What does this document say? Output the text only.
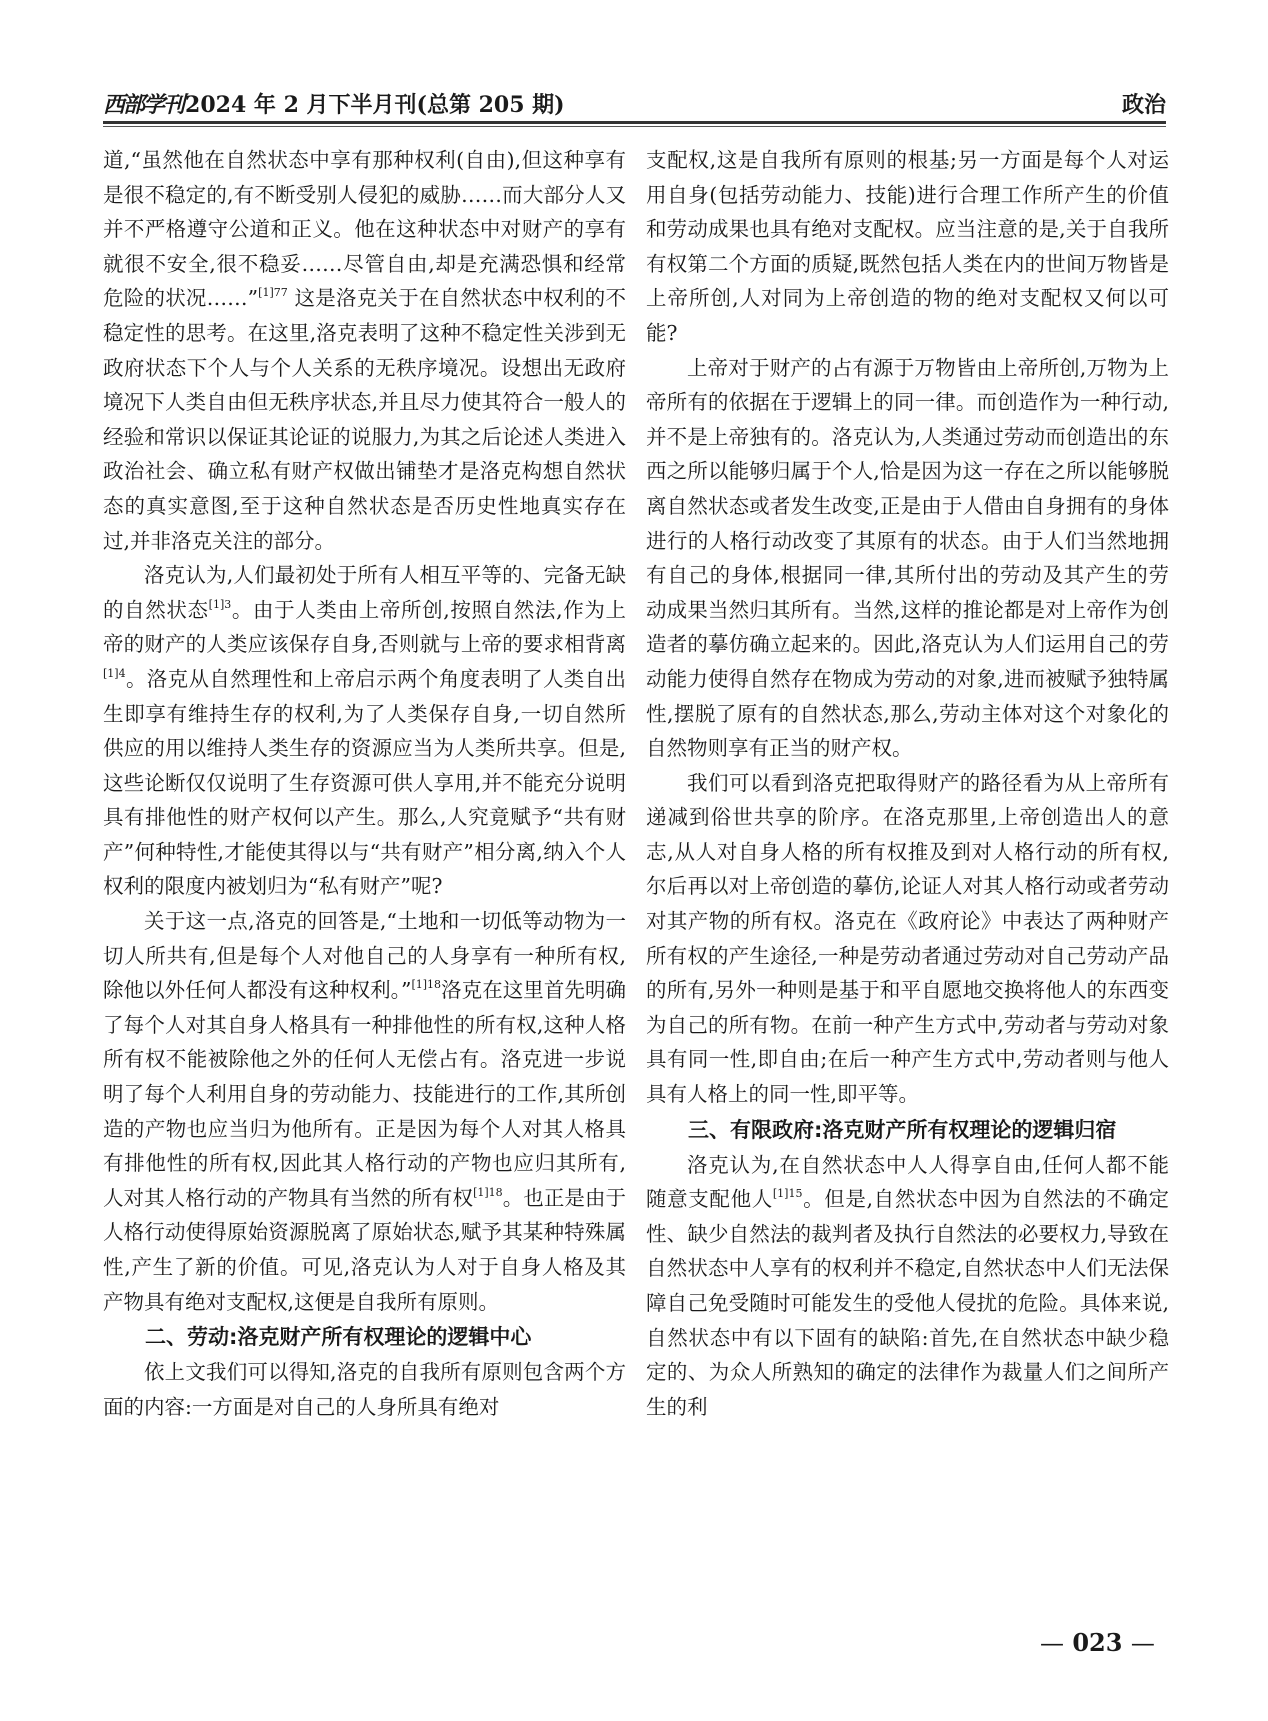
西部学刊2024 年 2 月下半月刊(总第 205 期)	政治

道,“虽然他在自然状态中享有那种权利(自由),但这种享有是很不稳定的,有不断受别人侵犯的威胁……而大部分人又并不严格遵守公道和正义。他在这种状态中对财产的享有就很不安全,很不稳妥……尽管自由,却是充满恐惧和经常危险的状况……”$^{[1]77}$ 这是洛克关于在自然状态中权利的不稳定性的思考。在这里,洛克表明了这种不稳定性关涉到无政府状态下个人与个人关系的无秩序境况。设想出无政府境况下人类自由但无秩序状态,并且尽力使其符合一般人的经验和常识以保证其论证的说服力,为其之后论述人类进入政治社会、确立私有财产权做出铺垫才是洛克构想自然状态的真实意图,至于这种自然状态是否历史性地真实存在过,并非洛克关注的部分。

洛克认为,人们最初处于所有人相互平等的、完备无缺的自然状态$^{[1]3}$。由于人类由上帝所创,按照自然法,作为上帝的财产的人类应该保存自身,否则就与上帝的要求相背离$^{[1]4}$。洛克从自然理性和上帝启示两个角度表明了人类自出生即享有维持生存的权利,为了人类保存自身,一切自然所供应的用以维持人类生存的资源应当为人类所共享。但是,这些论断仅仅说明了生存资源可供人享用,并不能充分说明具有排他性的财产权何以产生。那么,人究竟赋予“共有财产”何种特性,才能使其得以与“共有财产”相分离,纳入个人权利的限度内被划归为“私有财产”呢?

关于这一点,洛克的回答是,“土地和一切低等动物为一切人所共有,但是每个人对他自己的人身享有一种所有权,除他以外任何人都没有这种权利。”$^{[1]18}$洛克在这里首先明确了每个人对其自身人格具有一种排他性的所有权,这种人格所有权不能被除他之外的任何人无偿占有。洛克进一步说明了每个人利用自身的劳动能力、技能进行的工作,其所创造的产物也应当归为他所有。正是因为每个人对其人格具有排他性的所有权,因此其人格行动的产物也应归其所有,人对其人格行动的产物具有当然的所有权$^{[1]18}$。也正是由于人格行动使得原始资源脱离了原始状态,赋予其某种特殊属性,产生了新的价值。可见,洛克认为人对于自身人格及其产物具有绝对支配权,这便是自我所有原则。

二、劳动:洛克财产所有权理论的逻辑中心

依上文我们可以得知,洛克的自我所有原则包含两个方面的内容:一方面是对自己的人身所具有绝对

支配权,这是自我所有原则的根基;另一方面是每个人对运用自身(包括劳动能力、技能)进行合理工作所产生的价值和劳动成果也具有绝对支配权。应当注意的是,关于自我所有权第二个方面的质疑,既然包括人类在内的世间万物皆是上帝所创,人对同为上帝创造的物的绝对支配权又何以可能?

上帝对于财产的占有源于万物皆由上帝所创,万物为上帝所有的依据在于逻辑上的同一律。而创造作为一种行动,并不是上帝独有的。洛克认为,人类通过劳动而创造出的东西之所以能够归属于个人,恰是因为这一存在之所以能够脱离自然状态或者发生改变,正是由于人借由自身拥有的身体进行的人格行动改变了其原有的状态。由于人们当然地拥有自己的身体,根据同一律,其所付出的劳动及其产生的劳动成果当然归其所有。当然,这样的推论都是对上帝作为创造者的摹仿确立起来的。因此,洛克认为人们运用自己的劳动能力使得自然存在物成为劳动的对象,进而被赋予独特属性,摆脱了原有的自然状态,那么,劳动主体对这个对象化的自然物则享有正当的财产权。

我们可以看到洛克把取得财产的路径看为从上帝所有递减到俗世共享的阶序。在洛克那里,上帝创造出人的意志,从人对自身人格的所有权推及到对人格行动的所有权,尔后再以对上帝创造的摹仿,论证人对其人格行动或者劳动对其产物的所有权。洛克在《政府论》中表达了两种财产所有权的产生途径,一种是劳动者通过劳动对自己劳动产品的所有,另外一种则是基于和平自愿地交换将他人的东西变为自己的所有物。在前一种产生方式中,劳动者与劳动对象具有同一性,即自由;在后一种产生方式中,劳动者则与他人具有人格上的同一性,即平等。

三、有限政府:洛克财产所有权理论的逻辑归宿

洛克认为,在自然状态中人人得享自由,任何人都不能随意支配他人$^{[1]15}$。但是,自然状态中因为自然法的不确定性、缺少自然法的裁判者及执行自然法的必要权力,导致在自然状态中人享有的权利并不稳定,自然状态中人们无法保障自己免受随时可能发生的受他人侵扰的危险。具体来说,自然状态中有以下固有的缺陷:首先,在自然状态中缺少稳定的、为众人所熟知的确定的法律作为裁量人们之间所产生的利

— 023 —
